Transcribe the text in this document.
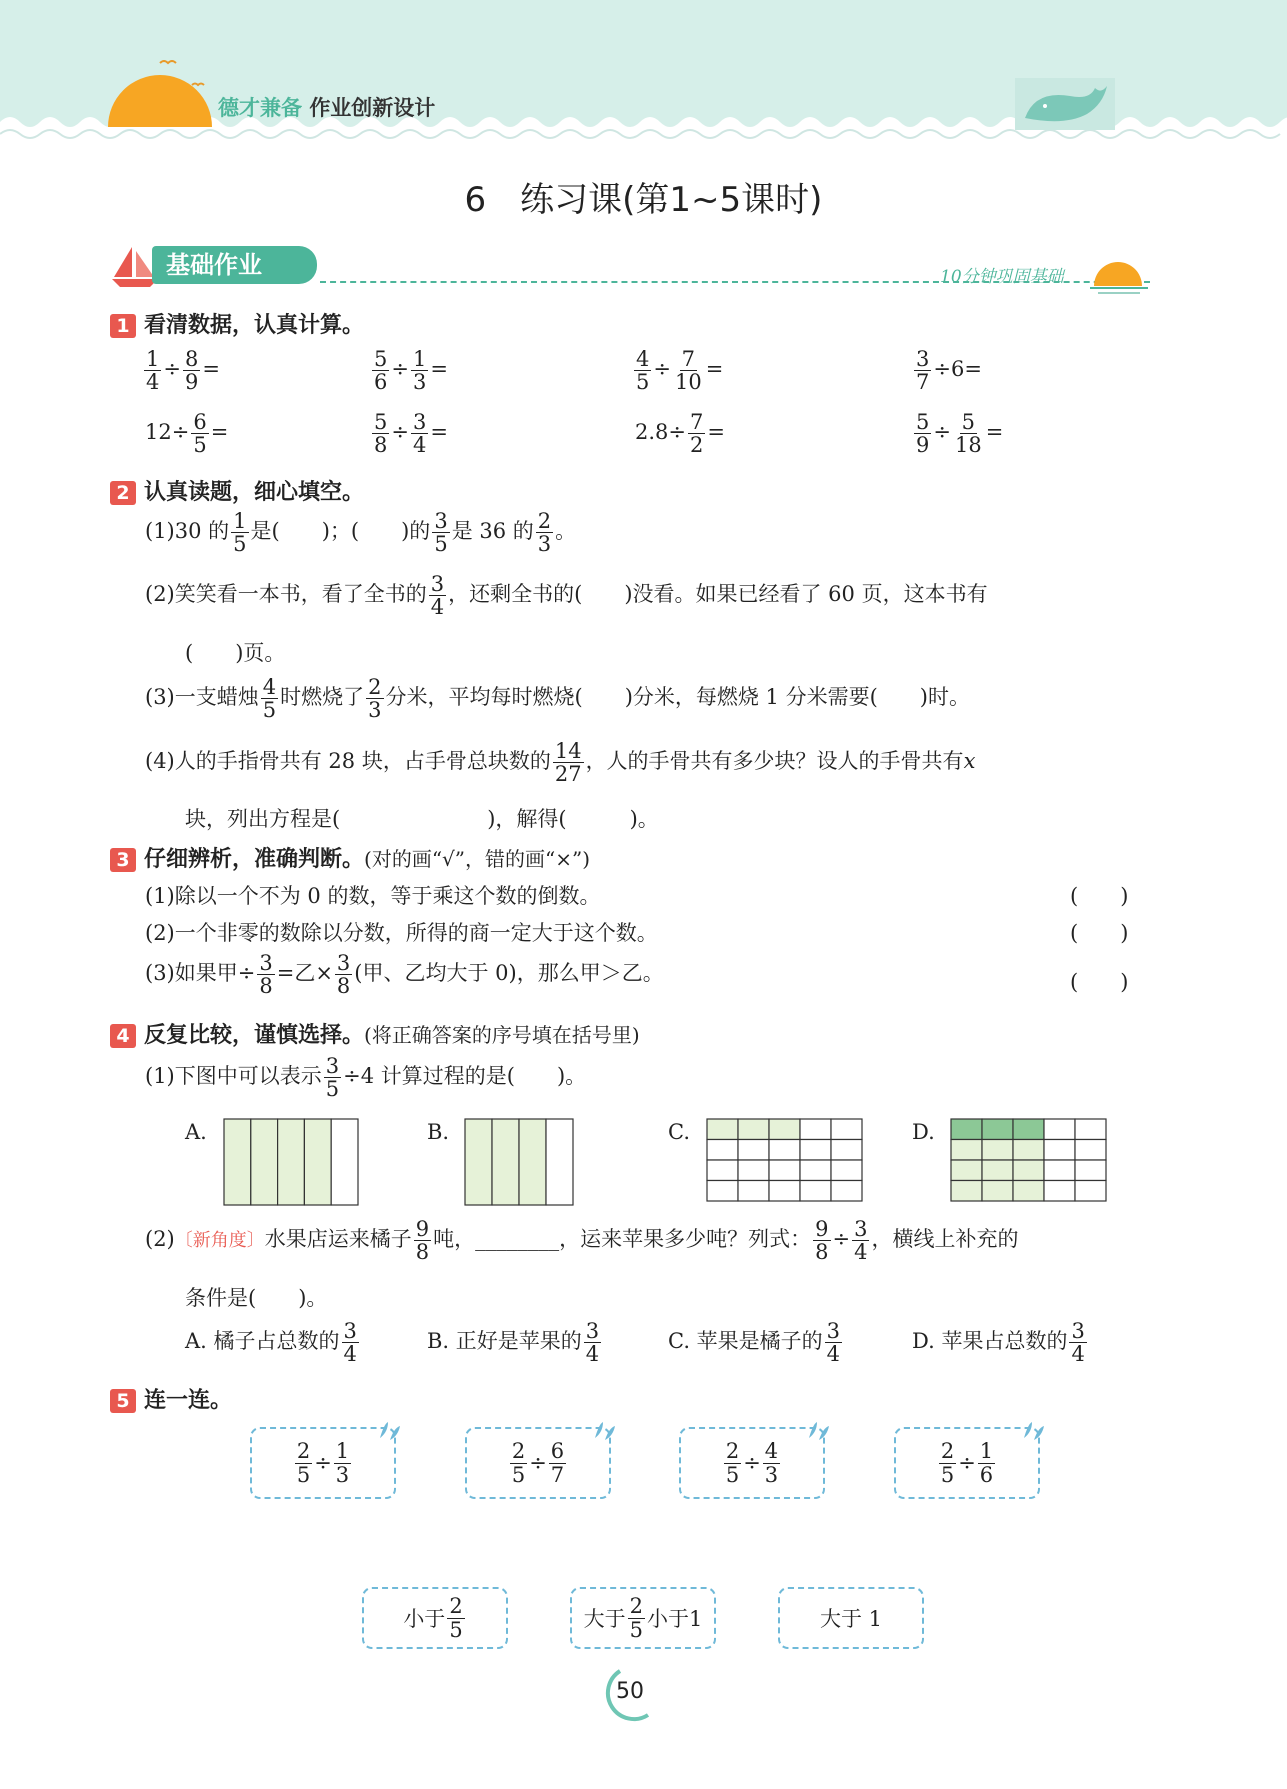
德才兼备 作业创新设计
6　练习课(第1~5课时)
基础作业	10分钟巩固基础
1 看清数据，认真计算。
$\frac{1}{4} \div \frac{8}{9}$ =	$\frac{5}{6} \div \frac{1}{3}$ =	$\frac{4}{5} \div \frac{7}{10}$ =	$\frac{3}{7} \div 6=$
$12\div \frac{6}{5}$ =	$\frac{5}{8} \div \frac{3}{4}$ =	$2.8\div \frac{7}{2}$ =	$\frac{5}{9} \div \frac{5}{18}$ =
2 认真读题，细心填空。
(1)30 的 $\frac{1}{5}$ 是(　　)；(　　)的 $\frac{3}{5}$ 是 36 的 $\frac{2}{3}$ 。
(2)笑笑看一本书，看了全书的 $\frac{3}{4}$ ，还剩全书的(　　)没看。如果已经看了 60 页，这本书有
(　　)页。
(3)一支蜡烛 $\frac{4}{5}$ 时燃烧了 $\frac{2}{3}$ 分米，平均每时燃烧(　　)分米，每燃烧 1 分米需要(　　)时。
(4)人的手指骨共有 28 块，占手骨总块数的 $\frac{14}{27}$ ，人的手骨共有多少块？设人的手骨共有x
块，列出方程是(　　　　　　　)，解得(　　　)。
3 仔细辨析，准确判断。(对的画“√”，错的画“×”)
(1)除以一个不为 0 的数，等于乘这个数的倒数。	(　　)
(2)一个非零的数除以分数，所得的商一定大于这个数。	(　　)
(3)如果甲÷ $\frac{3}{8}$ =乙× $\frac{3}{8}$ (甲、乙均大于 0)，那么甲＞乙。	(　　)
4 反复比较，谨慎选择。(将正确答案的序号填在括号里)
(1)下图中可以表示 $\frac{3}{5} \div 4$ 计算过程的是(　　)。
A.	B.	C.	D.
(2)〔新角度〕水果店运来橘子 $\frac{9}{8}$ 吨，________，运来苹果多少吨？列式： $\frac{9}{8} \div \frac{3}{4}$ ，横线上补充的
条件是(　　)。
A. 橘子占总数的 $\frac{3}{4}$	B. 正好是苹果的 $\frac{3}{4}$	C. 苹果是橘子的 $\frac{3}{4}$	D. 苹果占总数的 $\frac{3}{4}$
5 连一连。
$\frac{2}{5} \div \frac{1}{3}$	$\frac{2}{5} \div \frac{6}{7}$	$\frac{2}{5} \div \frac{4}{3}$	$\frac{2}{5} \div \frac{1}{6}$
小于 $\frac{2}{5}$	大于 $\frac{2}{5}$ 小于1	大于 1
50
